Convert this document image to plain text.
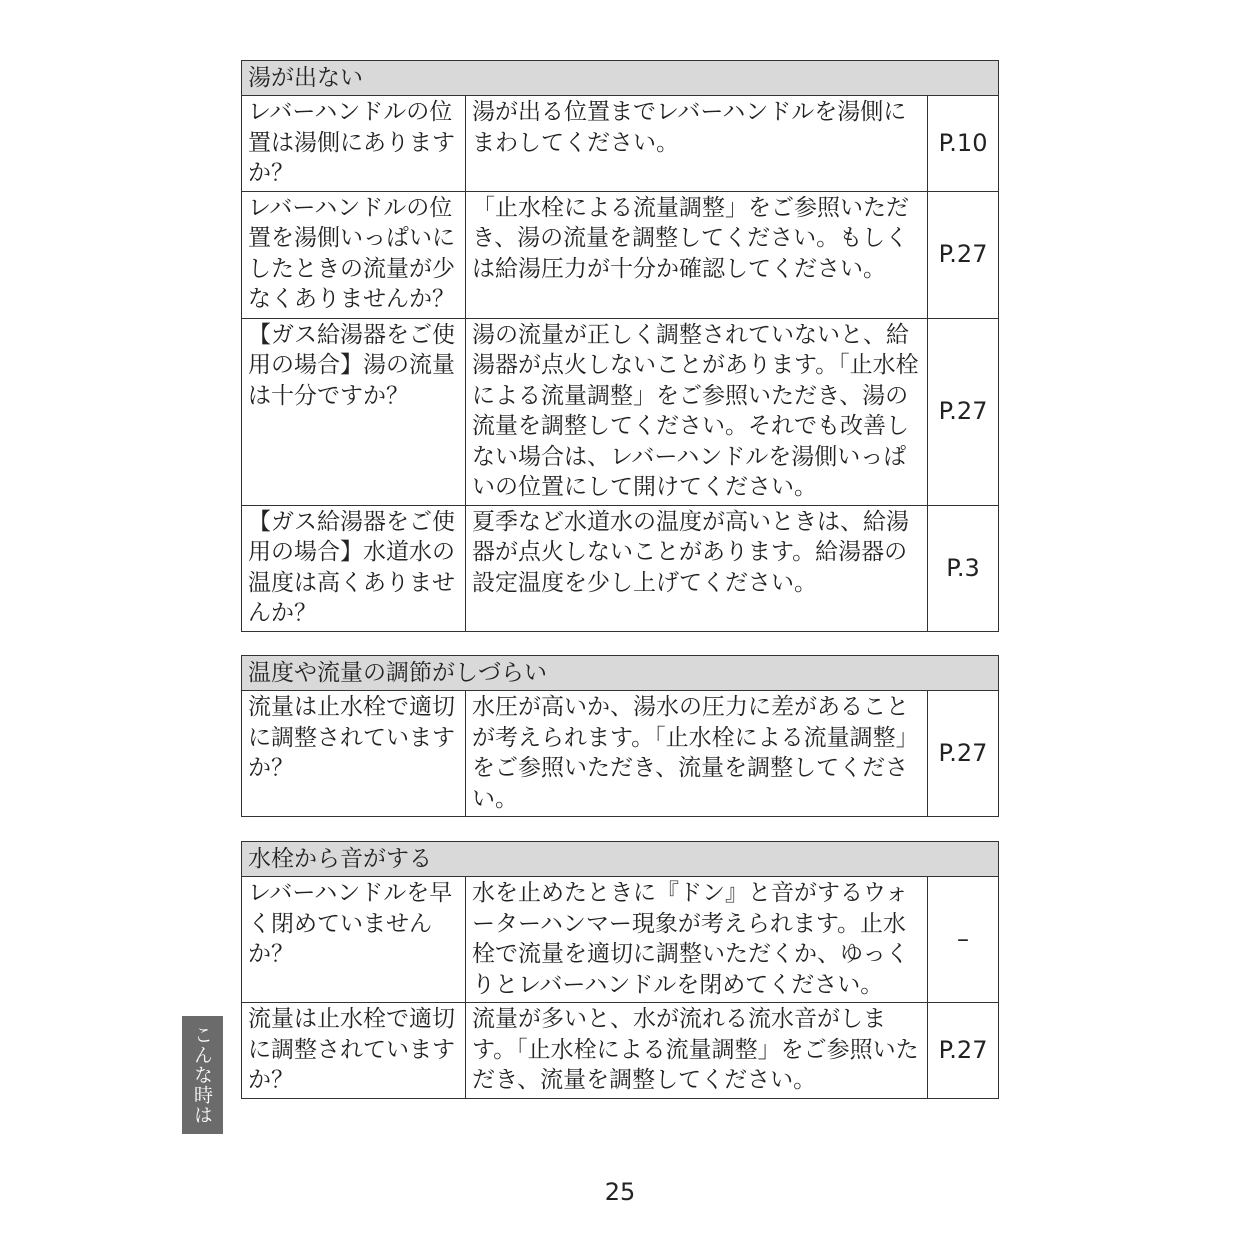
湯が出ない		
レバーハンドルの位置は湯側にありますか？	湯が出る位置までレバーハンドルを湯側にまわしてください。	P.10
レバーハンドルの位置を湯側いっぱいにしたときの流量が少なくありませんか？	「止水栓による流量調整」をご参照いただき、湯の流量を調整してください。もしくは給湯圧力が十分か確認してください。	P.27
【ガス給湯器をご使用の場合】湯の流量は十分ですか？	湯の流量が正しく調整されていないと、給湯器が点火しないことがあります。「止水栓による流量調整」をご参照いただき、湯の流量を調整してください。それでも改善しない場合は、レバーハンドルを湯側いっぱいの位置にして開けてください。	P.27
【ガス給湯器をご使用の場合】水道水の温度は高くありませんか？	夏季など水道水の温度が高いときは、給湯器が点火しないことがあります。給湯器の設定温度を少し上げてください。	P.3
温度や流量の調節がしづらい
流量は止水栓で適切に調整されていますか？	水圧が高いか、湯水の圧力に差があることが考えられます。「止水栓による流量調整」をご参照いただき、流量を調整してください。	P.27
水栓から音がする		
レバーハンドルを早く閉めていませんか？	水を止めたときに『ドン』と音がするウォーターハンマー現象が考えられます。止水栓で流量を適切に調整いただくか、ゆっくりとレバーハンドルを閉めてください。	–
流量は止水栓で適切に調整されていますか？	流量が多いと、水が流れる流水音がします。「止水栓による流量調整」をご参照いただき、流量を調整してください。	P.27
こんな時は
25
